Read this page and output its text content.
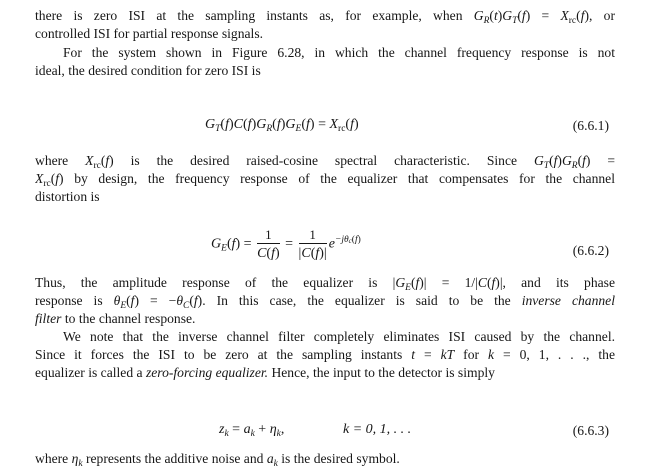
there is zero ISI at the sampling instants as, for example, when $G_R(t)G_T(f) = X_{rc}(f)$, or
controlled ISI for partial response signals.
For the system shown in Figure 6.28, in which the channel frequency response is not
ideal, the desired condition for zero ISI is
$G_T(f)C(f)G_R(f)G_E(f) = X_{rc}(f)$	(6.6.1)
where $X_{rc}(f)$ is the desired raised-cosine spectral characteristic. Since $G_T(f)G_R(f)$ =
$X_{rc}(f)$ by design, the frequency response of the equalizer that compensates for the channel
distortion is
$G_E(f) = \frac{1}{C(f)} = \frac{1}{|C(f)|} e^{-j\theta_c(f)}$
(6.6.2)
Thus, the amplitude response of the equalizer is $|G_E(f)| = 1/|C(f)|$, and its phase
response is $\theta_E(f) = -\theta_C(f)$. In this case, the equalizer is said to be the inverse channel
filter to the channel response.
We note that the inverse channel filter completely eliminates ISI caused by the channel.
Since it forces the ISI to be zero at the sampling instants t = kT for k = 0, 1, . . ., the
equalizer is called a zero-forcing equalizer. Hence, the input to the detector is simply
$z_k = a_k + \eta_k$,	k = 0, 1, . . .	(6.6.3)
where $\eta_k$ represents the additive noise and $a_k$ is the desired symbol.
